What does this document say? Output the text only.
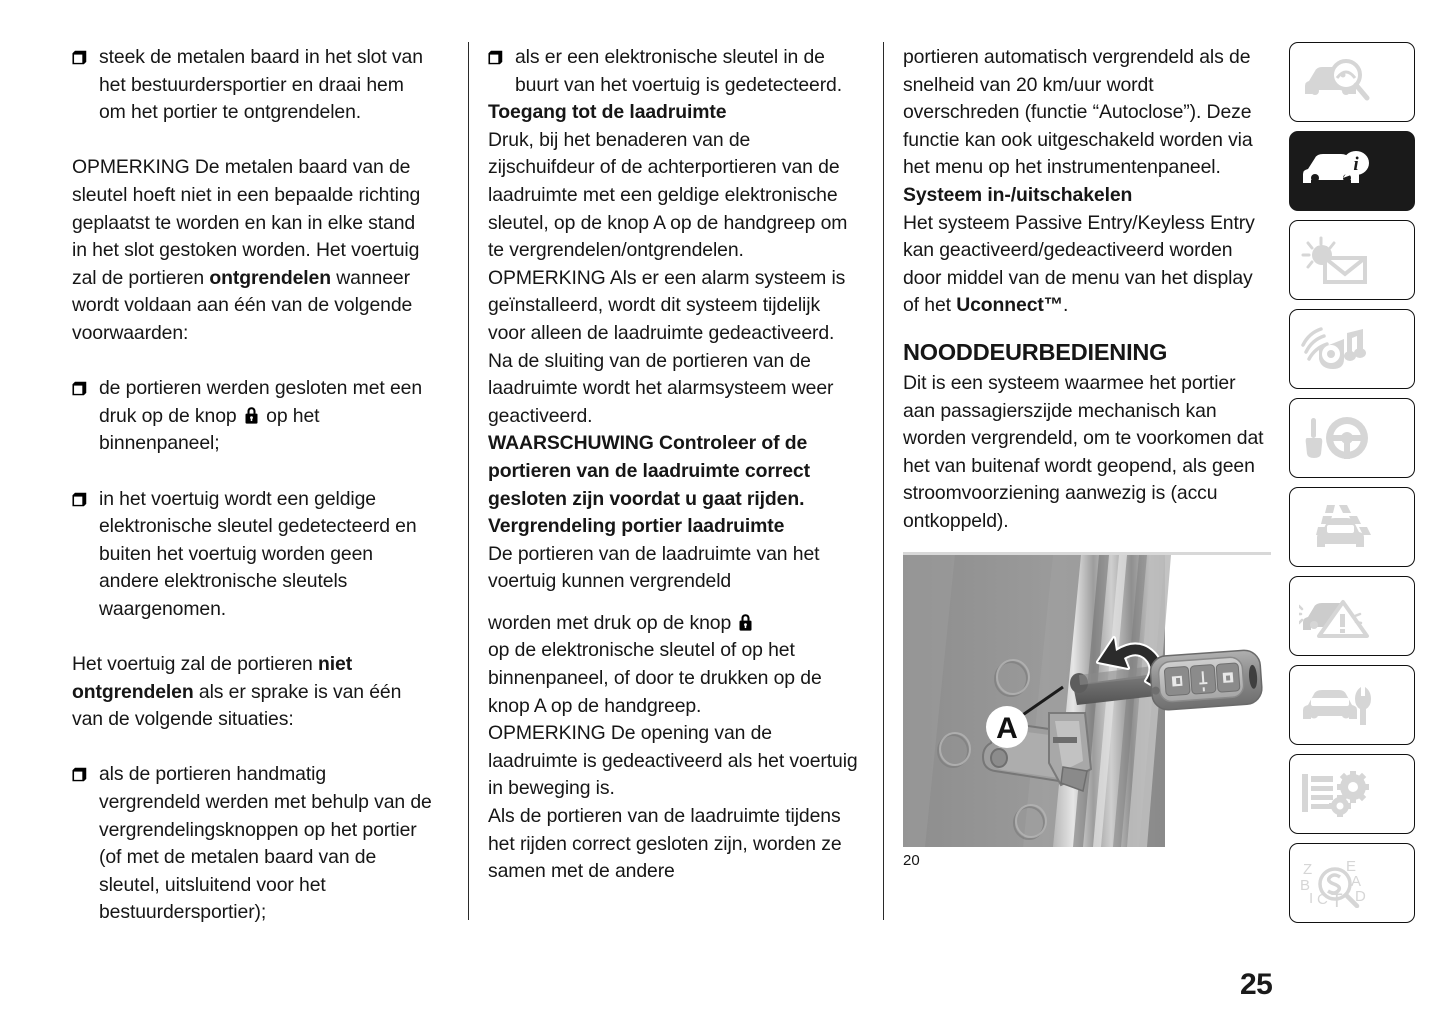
steek de metalen baard in het slot van het bestuurdersportier en draai hem om het portier te ontgrendelen.

OPMERKING De metalen baard van de sleutel hoeft niet in een bepaalde richting geplaatst te worden en kan in elke stand in het slot gestoken worden. Het voertuig zal de portieren ontgrendelen wanneer wordt voldaan aan één van de volgende voorwaarden:

de portieren werden gesloten met een druk op de knop
op het binnenpaneel;
in het voertuig wordt een geldige elektronische sleutel gedetecteerd en buiten het voertuig worden geen andere elektronische sleutels waargenomen.

Het voertuig zal de portieren niet ontgrendelen als er sprake is van één van de volgende situaties:

als de portieren handmatig vergrendeld werden met behulp van de vergrendelingsknoppen op het portier (of met de metalen baard van de sleutel, uitsluitend voor het bestuurdersportier);
als er een elektronische sleutel in de buurt van het voertuig is gedetecteerd.

Toegang tot de laadruimte

Druk, bij het benaderen van de zijschuifdeur of de achterportieren van de laadruimte met een geldige elektronische sleutel, op de knop A op de handgreep om te vergrendelen/ontgrendelen.

OPMERKING Als er een alarm systeem is geïnstalleerd, wordt dit systeem tijdelijk voor alleen de laadruimte gedeactiveerd. Na de sluiting van de portieren van de laadruimte wordt het alarmsysteem weer geactiveerd.

WAARSCHUWING Controleer of de portieren van de laadruimte correct gesloten zijn voordat u gaat rijden.

Vergrendeling portier laadruimte

De portieren van de laadruimte van het voertuig kunnen vergrendeld

worden met druk op de knop

op de elektronische sleutel of op het binnenpaneel, of door te drukken op de knop A op de handgreep.

OPMERKING De opening van de laadruimte is gedeactiveerd als het voertuig in beweging is.

Als de portieren van de laadruimte tijdens het rijden correct gesloten zijn, worden ze samen met de andere

portieren automatisch vergrendeld als de snelheid van 20 km/uur wordt overschreden (functie “Autoclose”). Deze functie kan ook uitgeschakeld worden via het menu op het instrumentenpaneel.

Systeem in-/uitschakelen

Het systeem Passive Entry/Keyless Entry kan geactiveerd/gedeactiveerd worden door middel van de menu van het display of het Uconnect™.

NOODDEURBEDIENING

Dit is een systeem waarmee het portier aan passagierszijde mechanisch kan worden vergrendeld, om te voorkomen dat het van buitenaf wordt geopend, als geen stroomvoorziening aanwezig is (accu ontkoppeld).

A
20
i
Z
B
I C T
E
A
D
25
